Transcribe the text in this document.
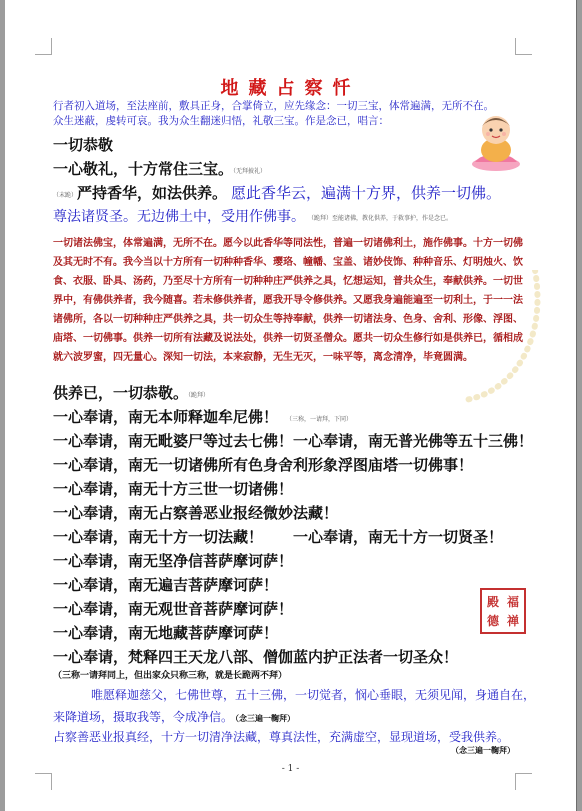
地藏占察忏
行者初入道场，至法座前，敷具正身，合掌倚立，应先缘念：一切三宝，体常遍满，无所不在。
众生迷蔽，虔转可哀。我为众生翻迷归悟，礼敬三宝。作是念已，唱言：
一切恭敬
一心敬礼，十方常住三宝。（无拜披礼）
（末跪）严持香华，如法供养。 愿此香华云，遍满十方界，供养一切佛。
尊法诸贤圣。无边佛土中，受用作佛事。 （跪拜）至能诸佛，教化供养，于救事护，作是念已。
一切诸法佛宝，体常遍满，无所不在。愿今以此香华等同法性，普遍一切诸佛利土，施作佛事。十方一切佛及其无时不有。我今当以十方所有一切种种香华、璎珞、幢幡、宝盖、诸妙伎饰、种种音乐、灯明烛火、饮食、衣服、卧具、汤药，乃至尽十方所有一切种种庄严供养之具，忆想运知，普共众生，奉献供养。一切世界中，有佛供养者，我今随喜。若未修供养者，愿我开导令修供养。又愿我身遍能遍至一切利土，于一一法诸佛所，各以一切种种庄严供养之具，共一切众生等持奉献，供养一切诸法身、色身、舍利、形像、浮图、庙塔、一切佛事。供养一切所有法藏及说法处，供养一切贤圣僧众。愿共一切众生修行如是供养已，循相成就六波罗蜜，四无量心。深知一切法，本来寂静，无生无灭，一味平等，离念清净，毕竟圆满。
供养已，一切恭敬。（跪拜）
一心奉请，南无本师释迦牟尼佛！ （三称，一请拜，下同）
一心奉请，南无毗婆尸等过去七佛！ 一心奉请，南无普光佛等五十三佛！
一心奉请，南无一切诸佛所有色身舍利形象浮图庙塔一切佛事！
一心奉请，南无十方三世一切诸佛！
一心奉请，南无占察善恶业报经微妙法藏！
一心奉请，南无十方一切法藏！ 一心奉请，南无十方一切贤圣！
一心奉请，南无坚净信菩萨摩诃萨！
一心奉请，南无遍吉菩萨摩诃萨！
一心奉请，南无观世音菩萨摩诃萨！
一心奉请，南无地藏菩萨摩诃萨！
福
禅
殿
德
一心奉请，梵释四王天龙八部、僧伽蓝内护正法者一切圣众！
（三称一请拜同上，但出家众只称三称，就是长跪两不拜）
唯愿释迦慈父，七佛世尊，五十三佛，一切觉者，悯心垂眼，无须见闻，身通自在，
来降道场，摄取我等，令成净信。 （念三遍一鞠拜）
占察善恶业报真经，十方一切清净法藏，尊真法性，充满虚空，显现道场，受我供养。
（念三遍一鞠拜）
- 1 -
